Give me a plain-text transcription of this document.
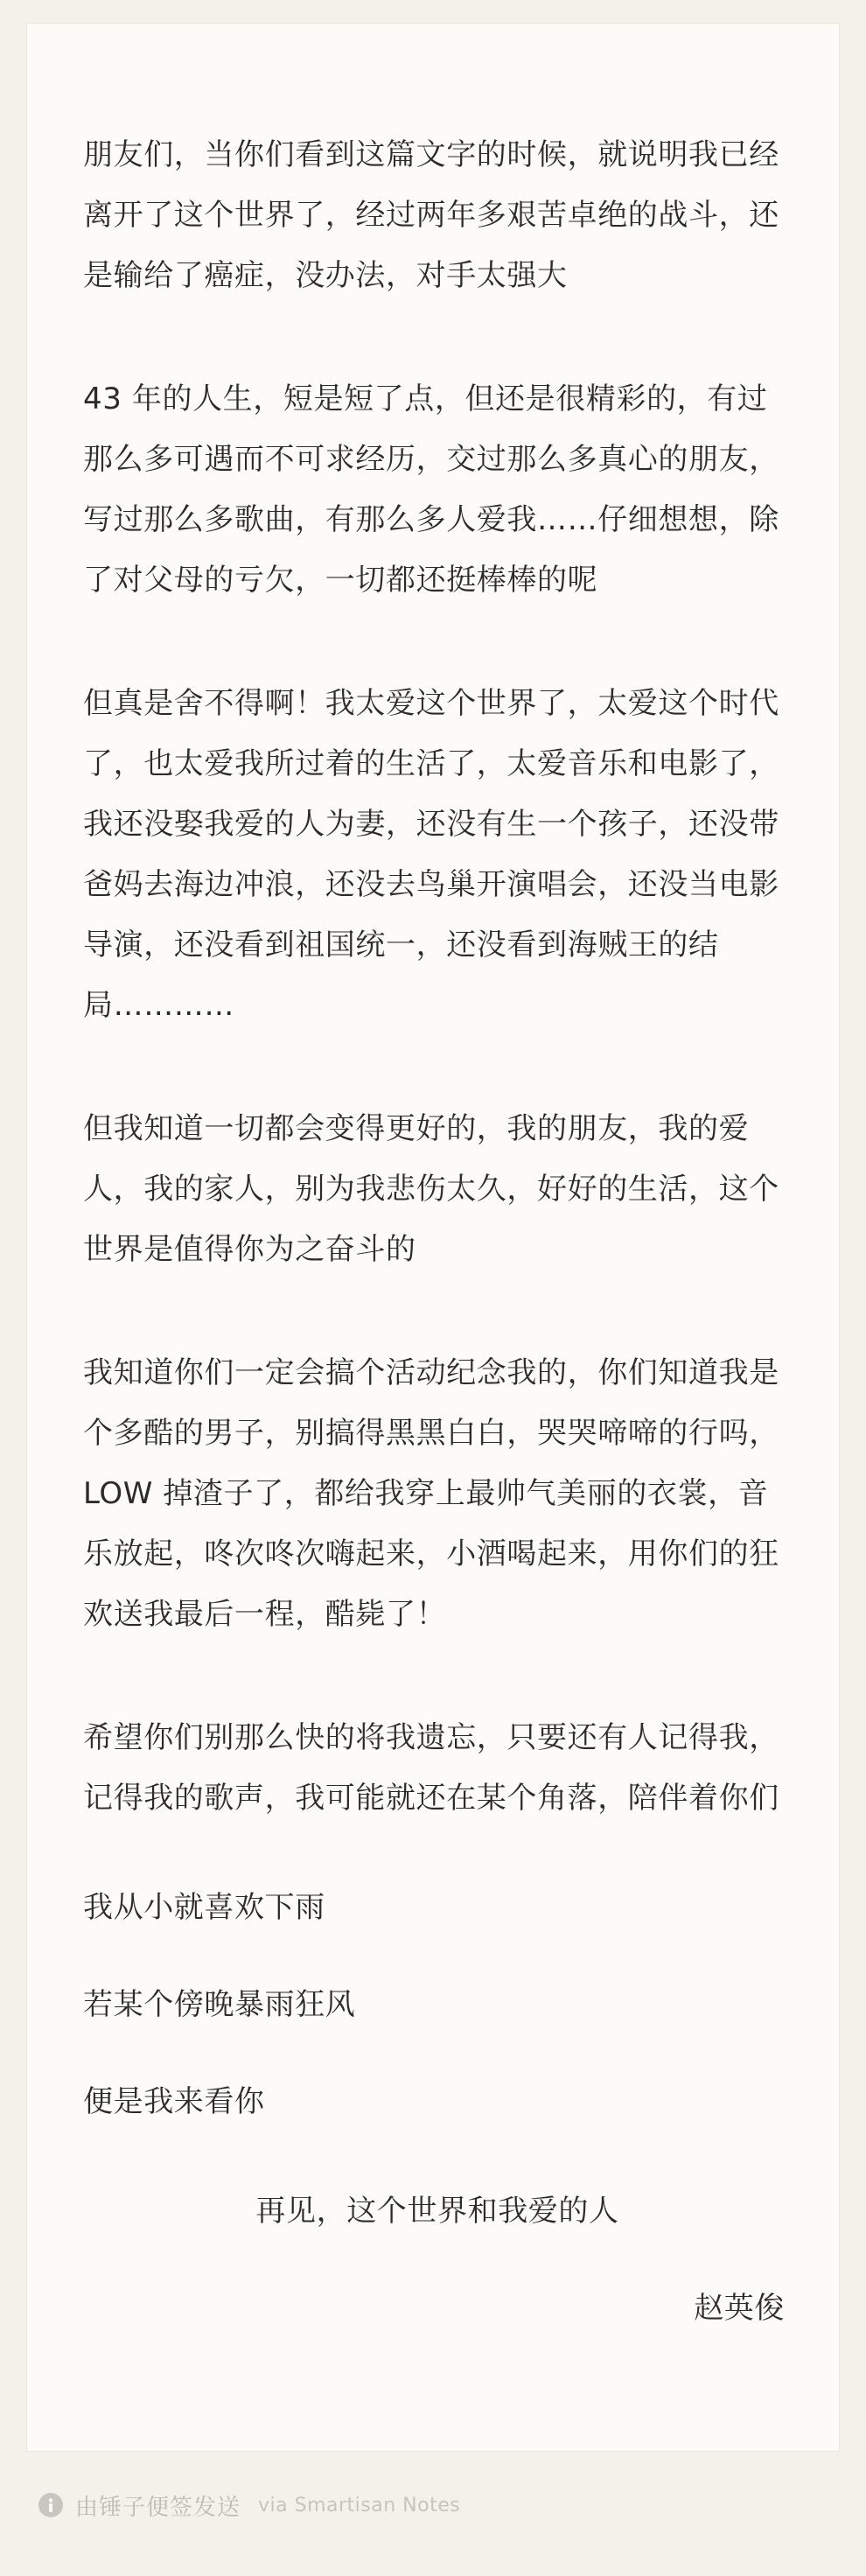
朋友们，当你们看到这篇文字的时候，就说明我已经离开了这个世界了，经过两年多艰苦卓绝的战斗，还是输给了癌症，没办法，对手太强大

43 年的人生，短是短了点，但还是很精彩的，有过那么多可遇而不可求经历，交过那么多真心的朋友，写过那么多歌曲，有那么多人爱我……仔细想想，除了对父母的亏欠，一切都还挺棒棒的呢

但真是舍不得啊！我太爱这个世界了，太爱这个时代了，也太爱我所过着的生活了，太爱音乐和电影了，我还没娶我爱的人为妻，还没有生一个孩子，还没带爸妈去海边冲浪，还没去鸟巢开演唱会，还没当电影导演，还没看到祖国统一，还没看到海贼王的结局…………

但我知道一切都会变得更好的，我的朋友，我的爱人，我的家人，别为我悲伤太久，好好的生活，这个世界是值得你为之奋斗的

我知道你们一定会搞个活动纪念我的，你们知道我是个多酷的男子，别搞得黑黑白白，哭哭啼啼的行吗， LOW 掉渣子了，都给我穿上最帅气美丽的衣裳，音乐放起，咚次咚次嗨起来，小酒喝起来，用你们的狂欢送我最后一程，酷毙了！

希望你们别那么快的将我遗忘，只要还有人记得我，记得我的歌声，我可能就还在某个角落，陪伴着你们

我从小就喜欢下雨

若某个傍晚暴雨狂风

便是我来看你

再见，这个世界和我爱的人

赵英俊

由锤子便签发送 via Smartisan Notes
